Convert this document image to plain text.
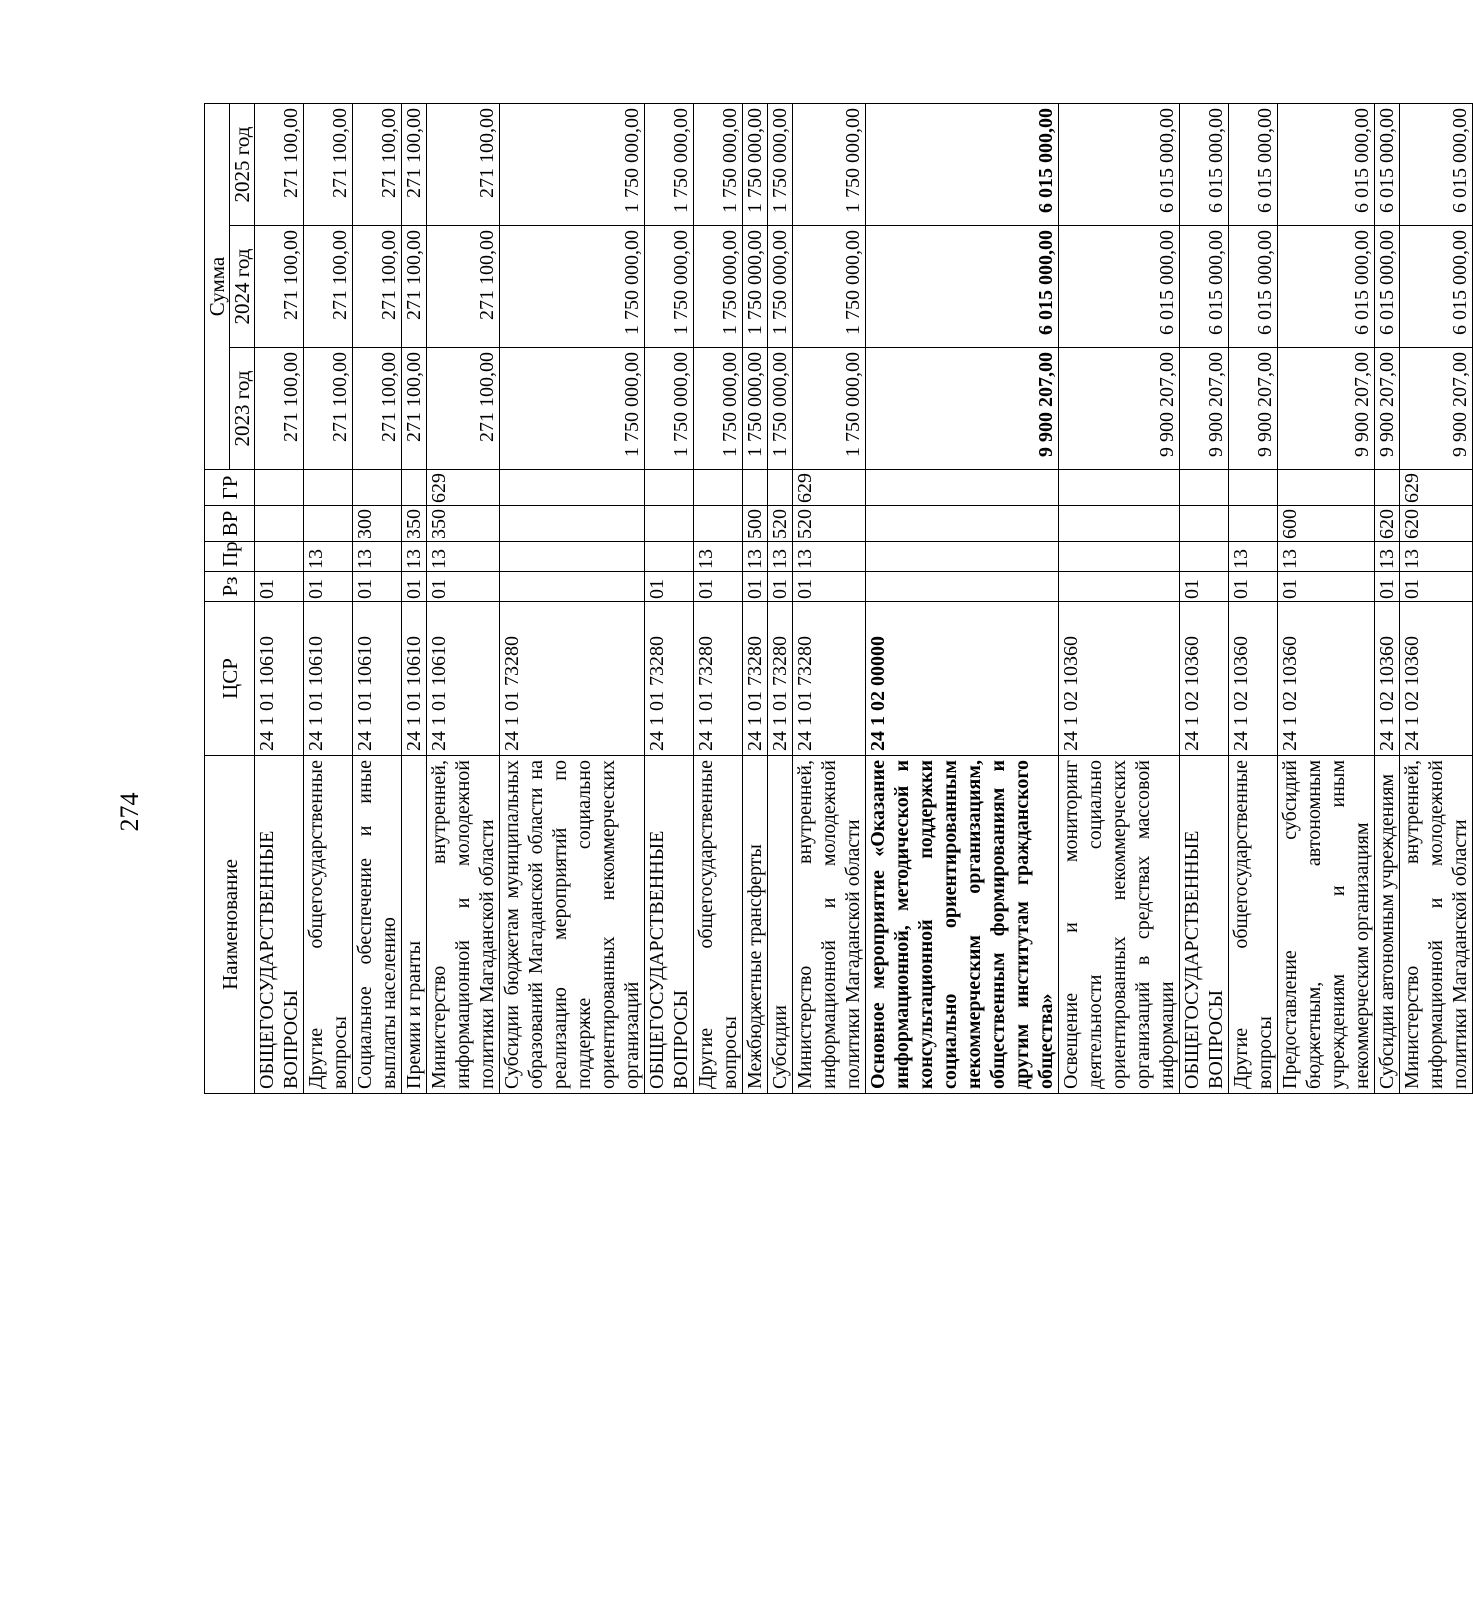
274
Наименование	ЦСР	Рз	Пр	ВР	ГР	Сумма		
						2023 год	2024 год	2025 год
ОБЩЕГОСУДАРСТВЕННЫЕ ВОПРОСЫ	24 1 01 10610	01				271 100,00	271 100,00	271 100,00
Другие общегосударственные вопросы	24 1 01 10610	01	13			271 100,00	271 100,00	271 100,00
Социальное обеспечение и иные выплаты населению	24 1 01 10610	01	13	300		271 100,00	271 100,00	271 100,00
Премии и гранты	24 1 01 10610	01	13	350		271 100,00	271 100,00	271 100,00
Министерство внутренней, информационной и молодежной политики Магаданской области	24 1 01 10610	01	13	350	629	271 100,00	271 100,00	271 100,00
Субсидии бюджетам муниципальных образований Магаданской области на реализацию мероприятий по поддержке социально ориентированных некоммерческих организаций	24 1 01 73280					1 750 000,00	1 750 000,00	1 750 000,00
ОБЩЕГОСУДАРСТВЕННЫЕ ВОПРОСЫ	24 1 01 73280	01				1 750 000,00	1 750 000,00	1 750 000,00
Другие общегосударственные вопросы	24 1 01 73280	01	13			1 750 000,00	1 750 000,00	1 750 000,00
Межбюджетные трансферты	24 1 01 73280	01	13	500		1 750 000,00	1 750 000,00	1 750 000,00
Субсидии	24 1 01 73280	01	13	520		1 750 000,00	1 750 000,00	1 750 000,00
Министерство внутренней, информационной и молодежной политики Магаданской области	24 1 01 73280	01	13	520	629	1 750 000,00	1 750 000,00	1 750 000,00
Основное мероприятие «Оказание информационной, методической и консультационной поддержки социально ориентированным некоммерческим организациям, общественным формированиям и другим институтам гражданского общества»	24 1 02 00000					9 900 207,00	6 015 000,00	6 015 000,00
Освещение и мониторинг деятельности социально ориентированных некоммерческих организаций в средствах массовой информации	24 1 02 10360					9 900 207,00	6 015 000,00	6 015 000,00
ОБЩЕГОСУДАРСТВЕННЫЕ ВОПРОСЫ	24 1 02 10360	01				9 900 207,00	6 015 000,00	6 015 000,00
Другие общегосударственные вопросы	24 1 02 10360	01	13			9 900 207,00	6 015 000,00	6 015 000,00
Предоставление субсидий бюджетным, автономным учреждениям и иным некоммерческим организациям	24 1 02 10360	01	13	600		9 900 207,00	6 015 000,00	6 015 000,00
Субсидии автономным учреждениям	24 1 02 10360	01	13	620		9 900 207,00	6 015 000,00	6 015 000,00
Министерство внутренней, информационной и молодежной политики Магаданской области	24 1 02 10360	01	13	620	629	9 900 207,00	6 015 000,00	6 015 000,00
